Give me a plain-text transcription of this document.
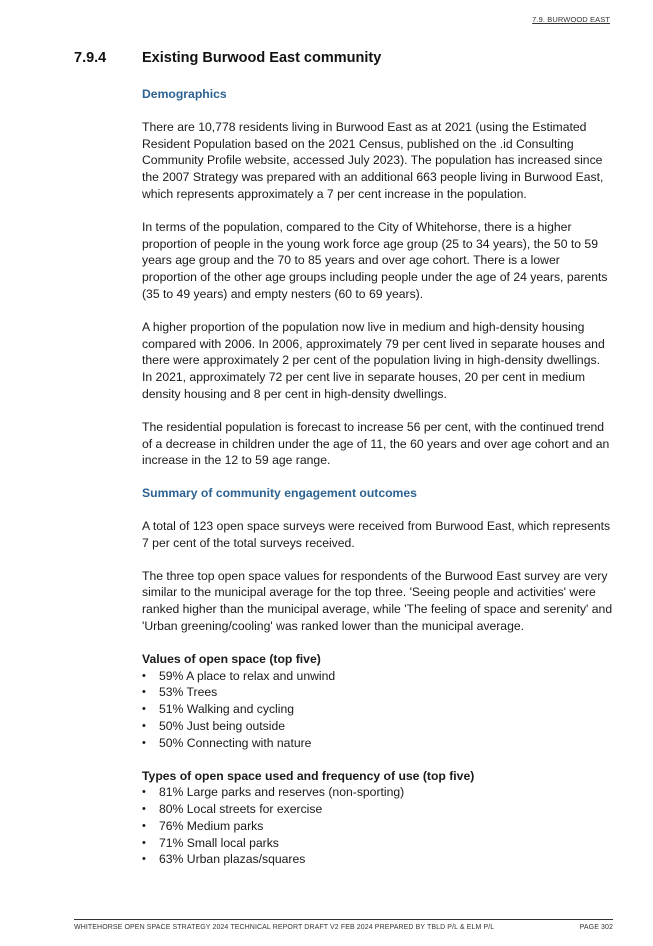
7.9. BURWOOD EAST
7.9.4	Existing Burwood East community
Demographics

There are 10,778 residents living in Burwood East as at 2021 (using the Estimated Resident Population based on the 2021 Census, published on the .id Consulting Community Profile website, accessed July 2023). The population has increased since the 2007 Strategy was prepared with an additional 663 people living in Burwood East, which represents approximately a 7 per cent increase in the population.

In terms of the population, compared to the City of Whitehorse, there is a higher proportion of people in the young work force age group (25 to 34 years), the 50 to 59 years age group and the 70 to 85 years and over age cohort. There is a lower proportion of the other age groups including people under the age of 24 years, parents (35 to 49 years) and empty nesters (60 to 69 years).

A higher proportion of the population now live in medium and high-density housing compared with 2006. In 2006, approximately 79 per cent lived in separate houses and there were approximately 2 per cent of the population living in high-density dwellings. In 2021, approximately 72 per cent live in separate houses, 20 per cent in medium density housing and 8 per cent in high-density dwellings.

The residential population is forecast to increase 56 per cent, with the continued trend of a decrease in children under the age of 11, the 60 years and over age cohort and an increase in the 12 to 59 age range.

Summary of community engagement outcomes

A total of 123 open space surveys were received from Burwood East, which represents 7 per cent of the total surveys received.

The three top open space values for respondents of the Burwood East survey are very similar to the municipal average for the top three. 'Seeing people and activities' were ranked higher than the municipal average, while 'The feeling of space and serenity' and 'Urban greening/cooling' was ranked lower than the municipal average.

Values of open space (top five)
•	59% A place to relax and unwind
•	53% Trees
•	51% Walking and cycling
•	50% Just being outside
•	50% Connecting with nature
Types of open space used and frequency of use (top five)
•	81% Large parks and reserves (non-sporting)
•	80% Local streets for exercise
•	76% Medium parks
•	71% Small local parks
•	63% Urban plazas/squares
WHITEHORSE OPEN SPACE STRATEGY 2024 TECHNICAL REPORT DRAFT V2 FEB 2024 PREPARED BY TBLD P/L & ELM P/L	PAGE 302
